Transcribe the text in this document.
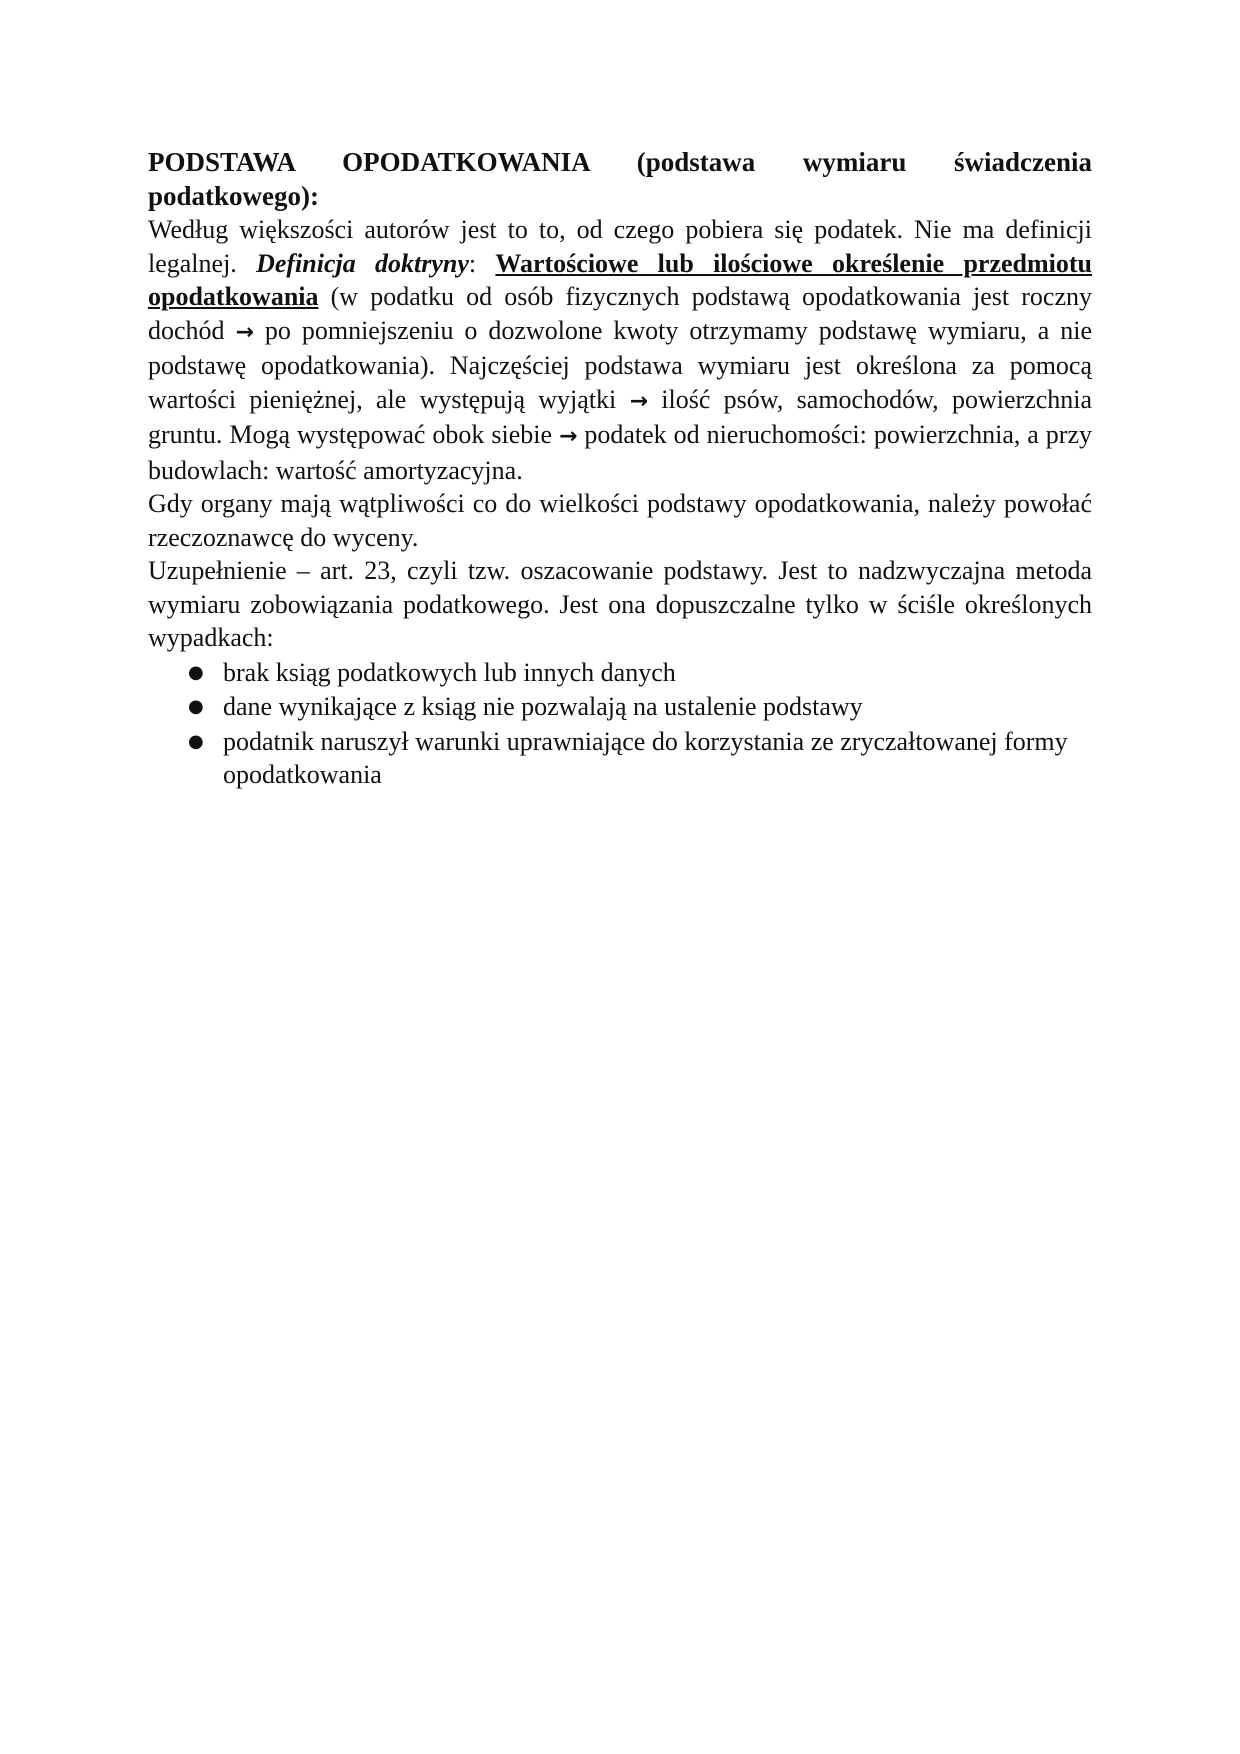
PODSTAWA OPODATKOWANIA (podstawa wymiaru świadczenia podatkowego):

Według większości autorów jest to to, od czego pobiera się podatek. Nie ma definicji legalnej. Definicja doktryny: Wartościowe lub ilościowe określenie przedmiotu opodatkowania (w podatku od osób fizycznych podstawą opodatkowania jest roczny dochód → po pomniejszeniu o dozwolone kwoty otrzymamy podstawę wymiaru, a nie podstawę opodatkowania). Najczęściej podstawa wymiaru jest określona za pomocą wartości pieniężnej, ale występują wyjątki → ilość psów, samochodów, powierzchnia gruntu. Mogą występować obok siebie → podatek od nieruchomości: powierzchnia, a przy budowlach: wartość amortyzacyjna.

Gdy organy mają wątpliwości co do wielkości podstawy opodatkowania, należy powołać rzeczoznawcę do wyceny.

Uzupełnienie – art. 23, czyli tzw. oszacowanie podstawy. Jest to nadzwyczajna metoda wymiaru zobowiązania podatkowego. Jest ona dopuszczalne tylko w ściśle określonych wypadkach:

● brak ksiąg podatkowych lub innych danych
● dane wynikające z ksiąg nie pozwalają na ustalenie podstawy
● podatnik naruszył warunki uprawniające do korzystania ze zryczałtowanej formy opodatkowania
